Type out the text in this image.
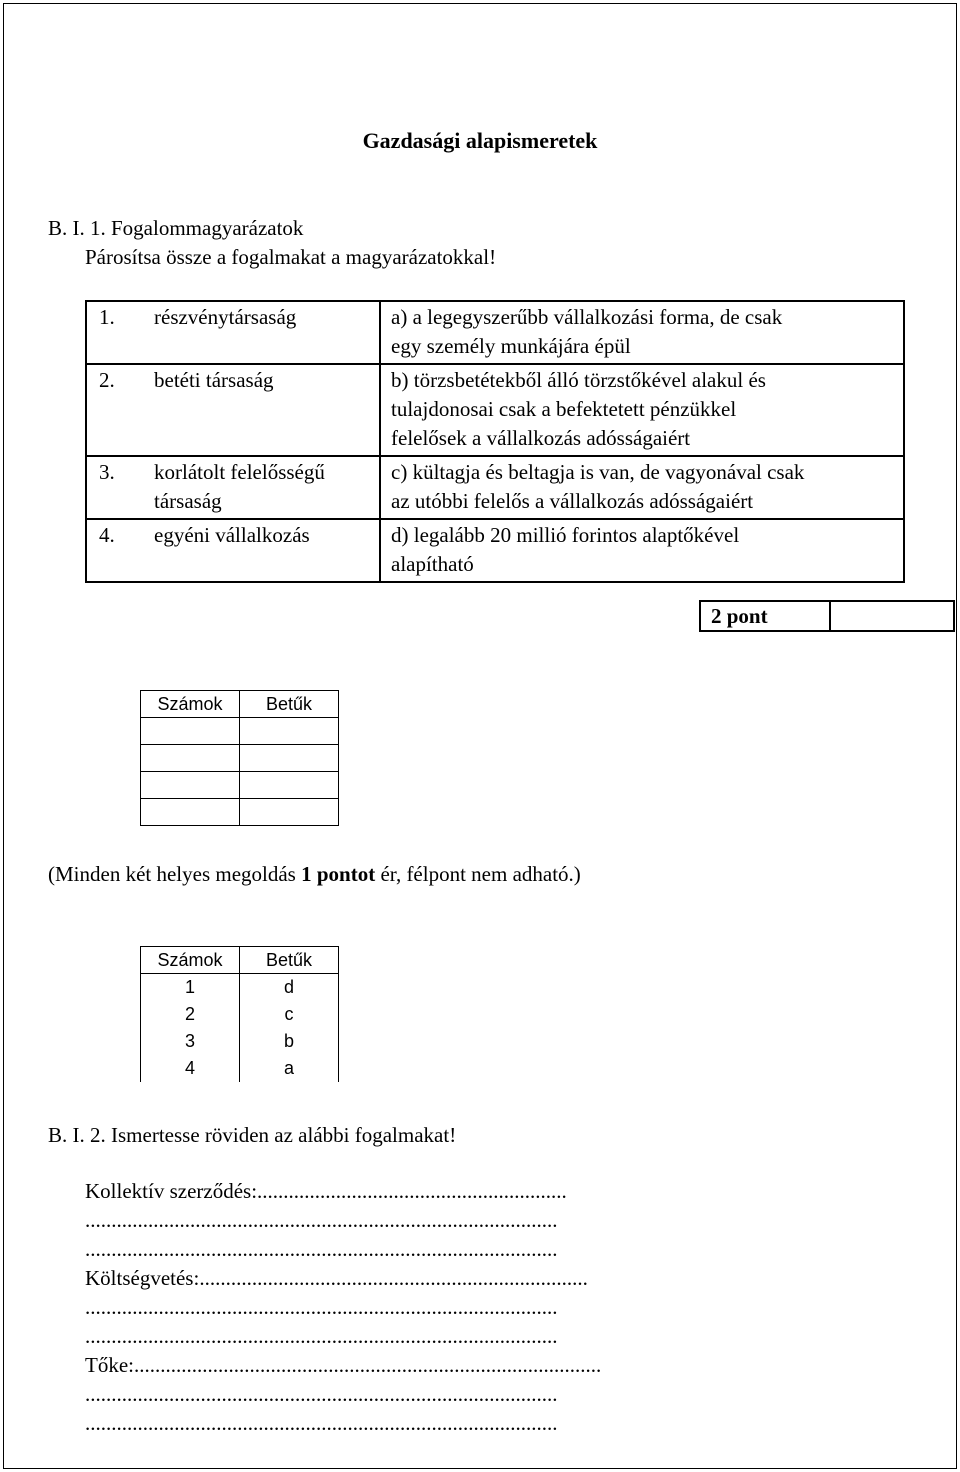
Gazdasági alapismeretek
B. I. 1. Fogalommagyarázatok
Párosítsa össze a fogalmakat a magyarázatokkal!
1. részvénytársaság	a) a legegyszerűbb vállalkozási forma, de csak
egy személy munkájára épül
2. betéti társaság	b) törzsbetétekből álló törzstőkével alakul és
tulajdonosai csak a befektetett pénzükkel
felelősek a vállalkozás adósságaiért
3. korlátolt felelősségű
társaság	c) kültagja és beltagja is van, de vagyonával csak
az utóbbi felelős a vállalkozás adósságaiért
4. egyéni vállalkozás	d) legalább 20 millió forintos alaptőkével
alapítható
2 pont	
Számok	Betűk

(Minden két helyes megoldás 1 pontot ér, félpont nem adható.)
Számok	Betűk
1	d
2	c
3	b
4	a
B. I. 2. Ismertesse röviden az alábbi fogalmakat!
Kollektív szerződés:...........................................................
..........................................................................................
..........................................................................................
Költségvetés:..........................................................................
..........................................................................................
..........................................................................................
Tőke:.........................................................................................
..........................................................................................
..........................................................................................
